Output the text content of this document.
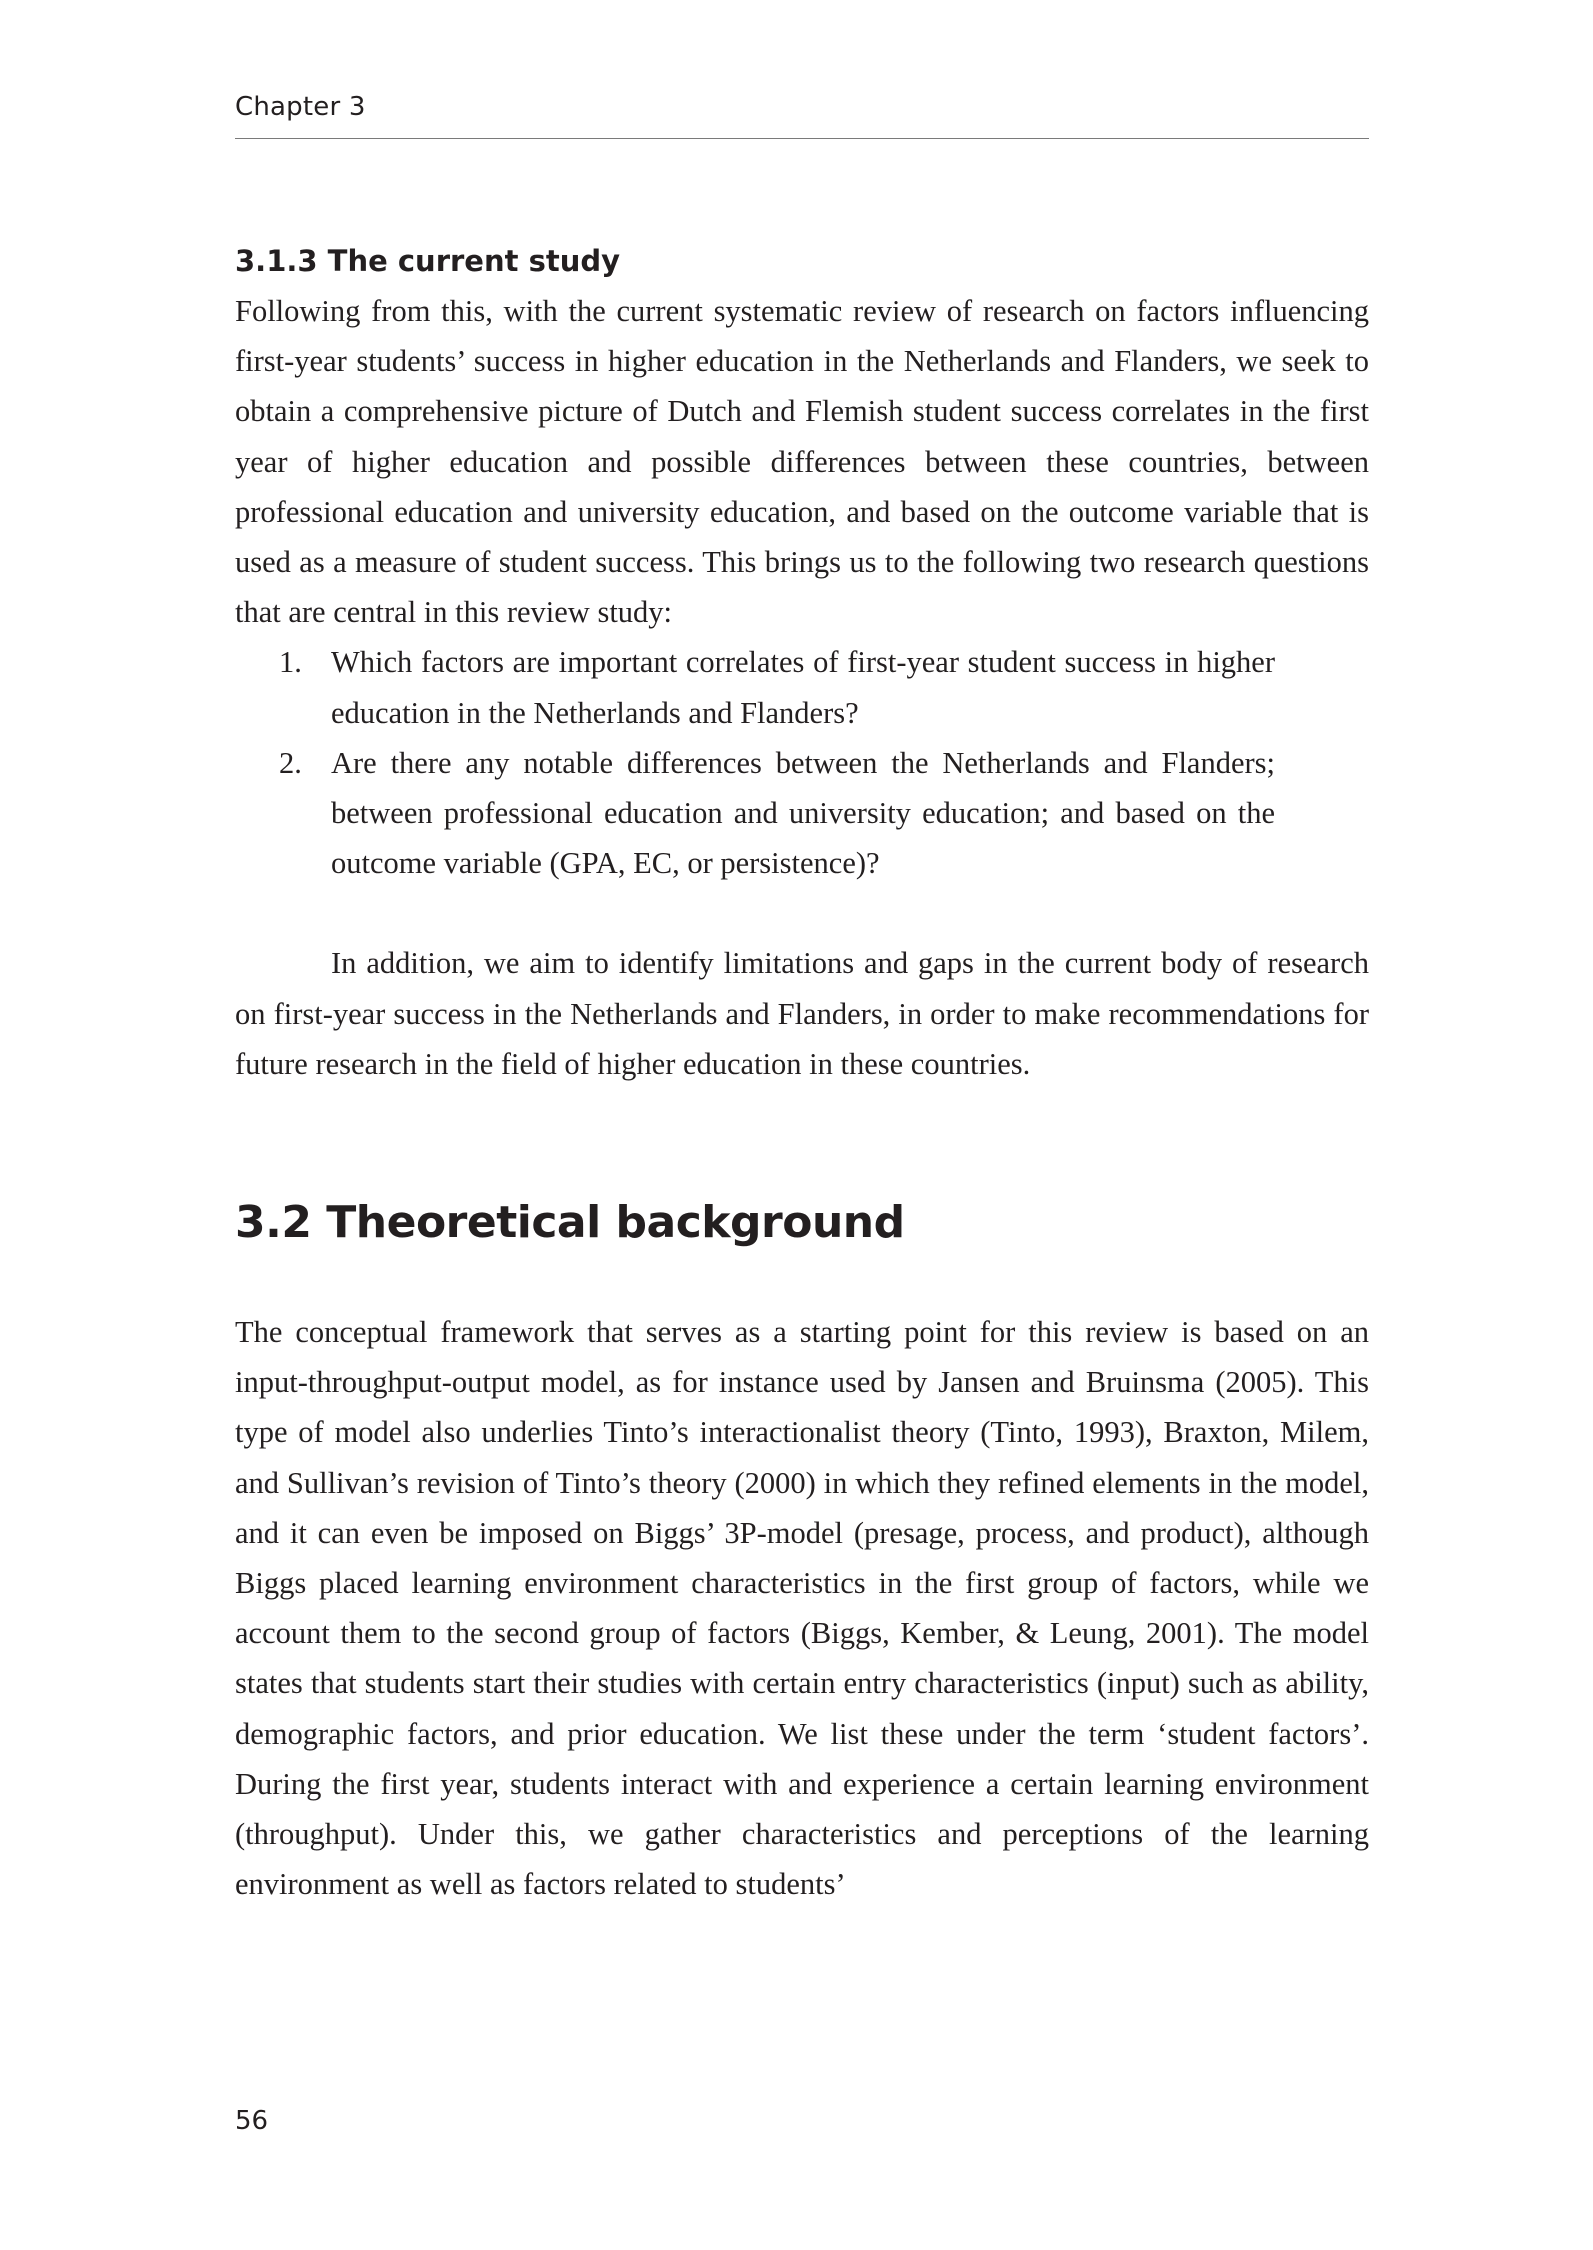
Chapter 3
3.1.3 The current study

Following from this, with the current systematic review of research on factors influencing first-year students’ success in higher education in the Netherlands and Flanders, we seek to obtain a comprehensive picture of Dutch and Flemish student success correlates in the first year of higher education and possible differences between these countries, between professional education and university education, and based on the outcome variable that is used as a measure of student success. This brings us to the following two research questions that are central in this review study:

1. Which factors are important correlates of first-year student success in higher education in the Netherlands and Flanders?
2. Are there any notable differences between the Netherlands and Flanders; between professional education and university education; and based on the outcome variable (GPA, EC, or persistence)?

In addition, we aim to identify limitations and gaps in the current body of research on first-year success in the Netherlands and Flanders, in order to make recommendations for future research in the field of higher education in these countries.

3.2 Theoretical background

The conceptual framework that serves as a starting point for this review is based on an input-throughput-output model, as for instance used by Jansen and Bruinsma (2005). This type of model also underlies Tinto’s interactionalist theory (Tinto, 1993), Braxton, Milem, and Sullivan’s revision of Tinto’s theory (2000) in which they refined elements in the model, and it can even be imposed on Biggs’ 3P-model (presage, process, and product), although Biggs placed learning environment characteristics in the first group of factors, while we account them to the second group of factors (Biggs, Kember, & Leung, 2001). The model states that students start their studies with certain entry characteristics (input) such as ability, demographic factors, and prior education. We list these under the term ‘student factors’. During the first year, students interact with and experience a certain learning environment (throughput). Under this, we gather characteristics and perceptions of the learning environment as well as factors related to students’

56
